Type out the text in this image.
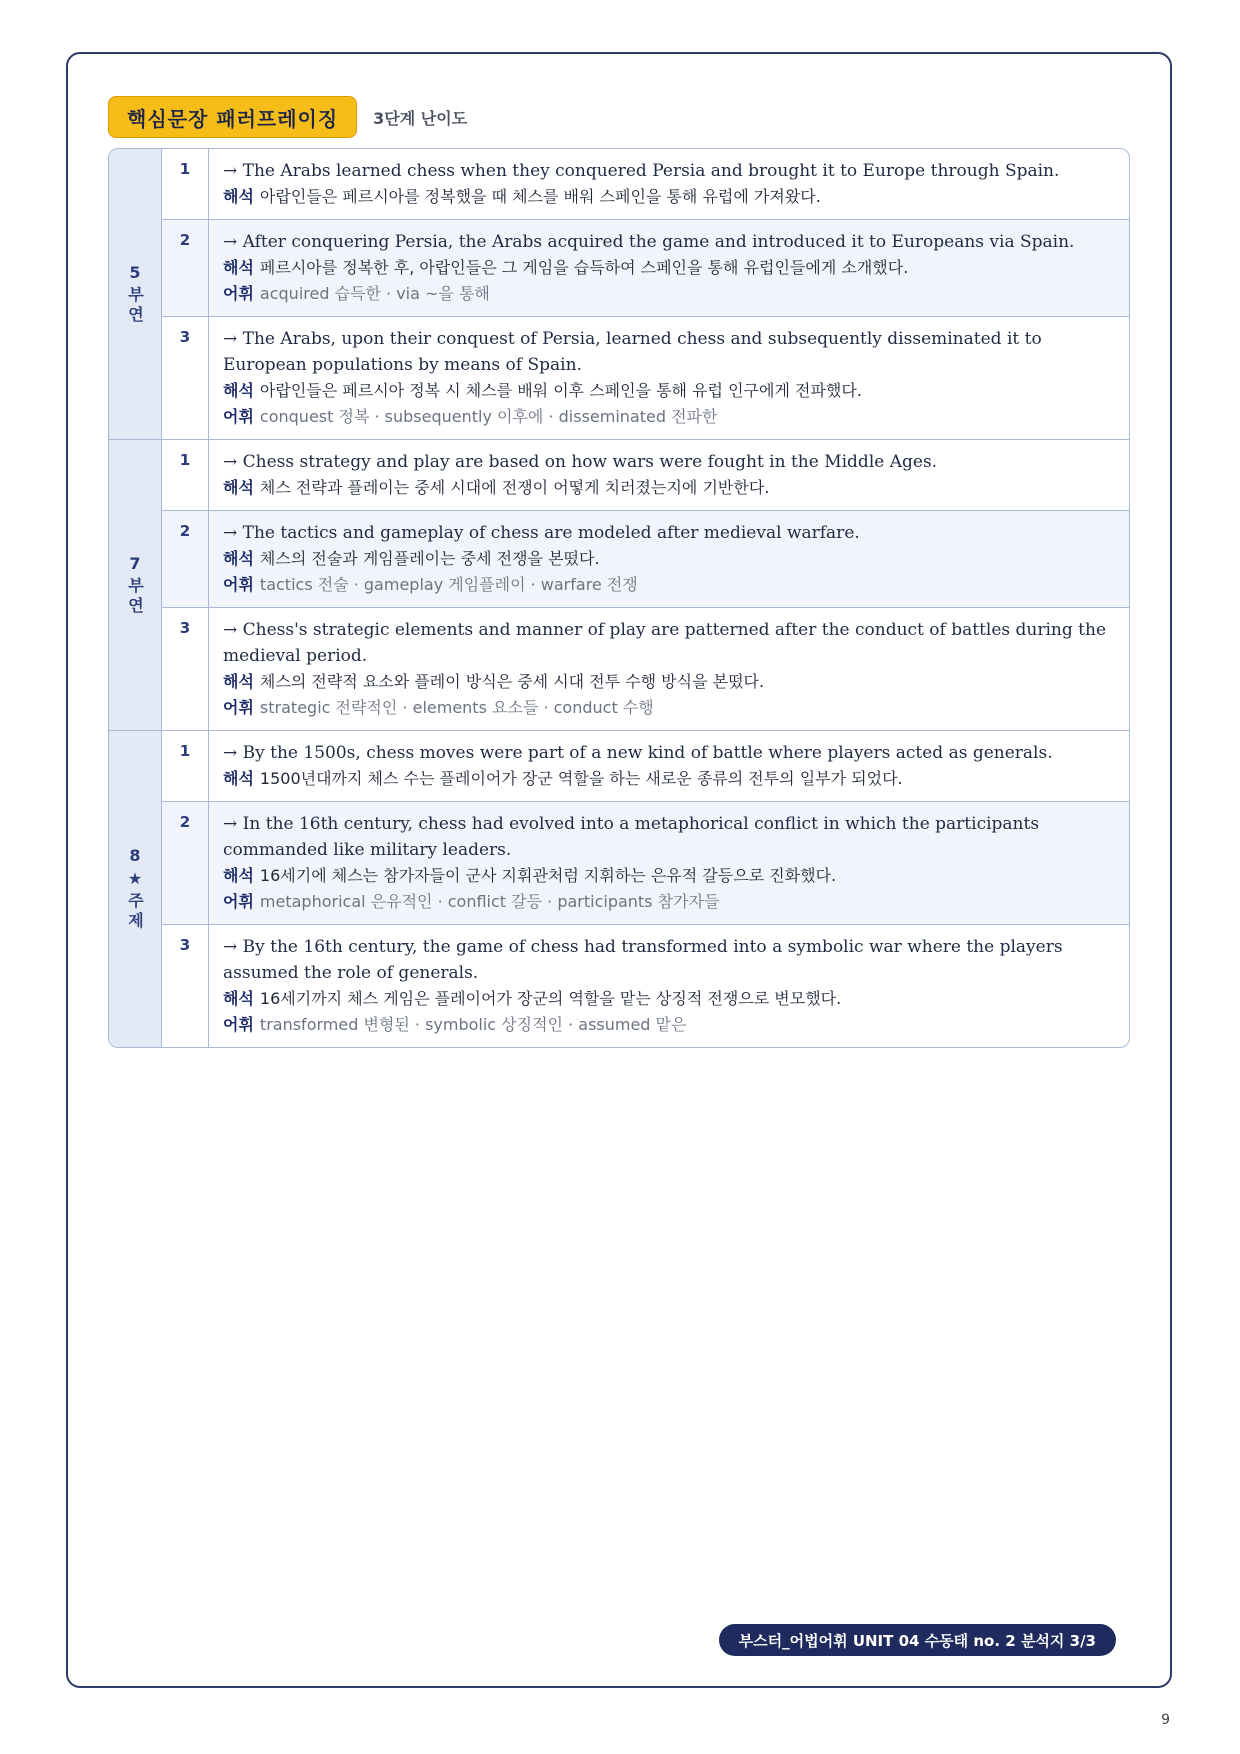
핵심문장 패러프레이징	3단계 난이도
5부연
1	→ The Arabs learned chess when they conquered Persia and brought it to Europe through Spain.
해석 아랍인들은 페르시아를 정복했을 때 체스를 배워 스페인을 통해 유럽에 가져왔다.
2	→ After conquering Persia, the Arabs acquired the game and introduced it to Europeans via Spain.
해석 페르시아를 정복한 후, 아랍인들은 그 게임을 습득하여 스페인을 통해 유럽인들에게 소개했다.
어휘 acquired 습득한 · via ~을 통해
3	→ The Arabs, upon their conquest of Persia, learned chess and subsequently disseminated it to European populations by means of Spain.
해석 아랍인들은 페르시아 정복 시 체스를 배워 이후 스페인을 통해 유럽 인구에게 전파했다.
어휘 conquest 정복 · subsequently 이후에 · disseminated 전파한
7부연
1	→ Chess strategy and play are based on how wars were fought in the Middle Ages.
해석 체스 전략과 플레이는 중세 시대에 전쟁이 어떻게 치러졌는지에 기반한다.
2	→ The tactics and gameplay of chess are modeled after medieval warfare.
해석 체스의 전술과 게임플레이는 중세 전쟁을 본떴다.
어휘 tactics 전술 · gameplay 게임플레이 · warfare 전쟁
3	→ Chess's strategic elements and manner of play are patterned after the conduct of battles during the medieval period.
해석 체스의 전략적 요소와 플레이 방식은 중세 시대 전투 수행 방식을 본떴다.
어휘 strategic 전략적인 · elements 요소들 · conduct 수행
8★주제
1	→ By the 1500s, chess moves were part of a new kind of battle where players acted as generals.
해석 1500년대까지 체스 수는 플레이어가 장군 역할을 하는 새로운 종류의 전투의 일부가 되었다.
2	→ In the 16th century, chess had evolved into a metaphorical conflict in which the participants commanded like military leaders.
해석 16세기에 체스는 참가자들이 군사 지휘관처럼 지휘하는 은유적 갈등으로 진화했다.
어휘 metaphorical 은유적인 · conflict 갈등 · participants 참가자들
3	→ By the 16th century, the game of chess had transformed into a symbolic war where the players assumed the role of generals.
해석 16세기까지 체스 게임은 플레이어가 장군의 역할을 맡는 상징적 전쟁으로 변모했다.
어휘 transformed 변형된 · symbolic 상징적인 · assumed 맡은
부스터_어법어휘 UNIT 04 수동태 no. 2 분석지 3/3
9
